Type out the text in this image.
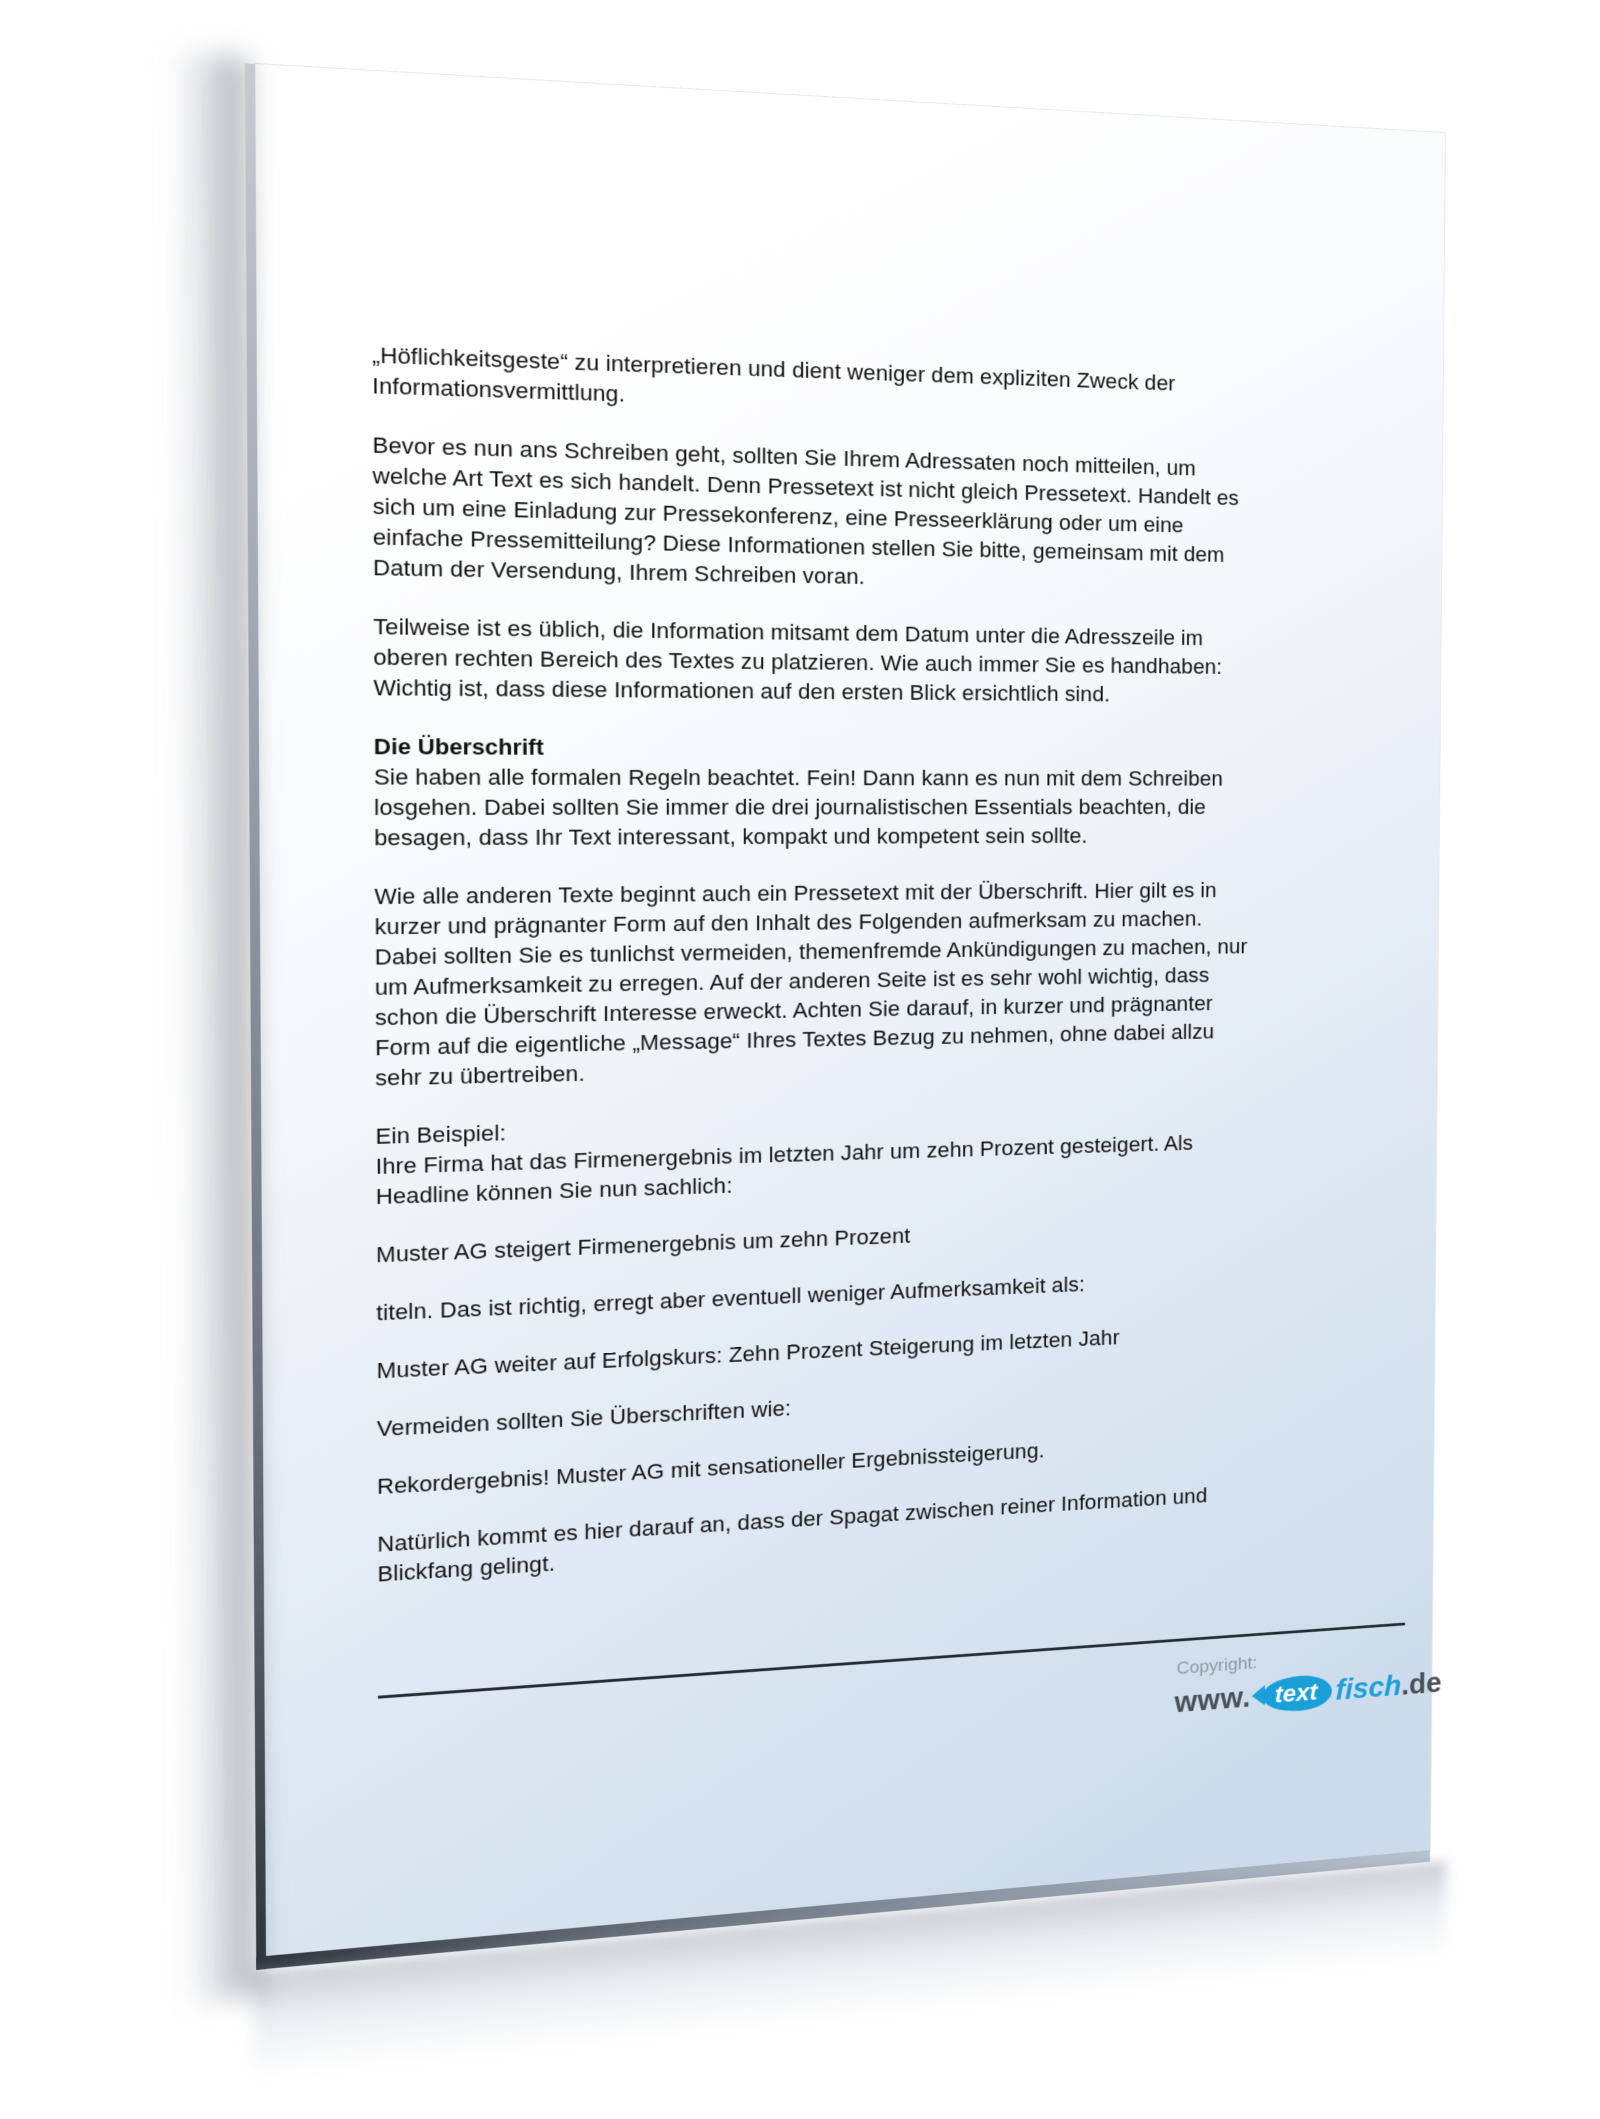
„Höflichkeitsgeste“ zu interpretieren und dient weniger dem expliziten Zweck der
Informationsvermittlung.
Bevor es nun ans Schreiben geht, sollten Sie Ihrem Adressaten noch mitteilen, um
welche Art Text es sich handelt. Denn Pressetext ist nicht gleich Pressetext. Handelt es
sich um eine Einladung zur Pressekonferenz, eine Presseerklärung oder um eine
einfache Pressemitteilung? Diese Informationen stellen Sie bitte, gemeinsam mit dem
Datum der Versendung, Ihrem Schreiben voran.
Teilweise ist es üblich, die Information mitsamt dem Datum unter die Adresszeile im
oberen rechten Bereich des Textes zu platzieren. Wie auch immer Sie es handhaben:
Wichtig ist, dass diese Informationen auf den ersten Blick ersichtlich sind.
Die Überschrift
Sie haben alle formalen Regeln beachtet. Fein! Dann kann es nun mit dem Schreiben
losgehen. Dabei sollten Sie immer die drei journalistischen Essentials beachten, die
besagen, dass Ihr Text interessant, kompakt und kompetent sein sollte.
Wie alle anderen Texte beginnt auch ein Pressetext mit der Überschrift. Hier gilt es in
kurzer und prägnanter Form auf den Inhalt des Folgenden aufmerksam zu machen.
Dabei sollten Sie es tunlichst vermeiden, themenfremde Ankündigungen zu machen, nur
um Aufmerksamkeit zu erregen. Auf der anderen Seite ist es sehr wohl wichtig, dass
schon die Überschrift Interesse erweckt. Achten Sie darauf, in kurzer und prägnanter
Form auf die eigentliche „Message“ Ihres Textes Bezug zu nehmen, ohne dabei allzu
sehr zu übertreiben.
Ein Beispiel:
Ihre Firma hat das Firmenergebnis im letzten Jahr um zehn Prozent gesteigert. Als
Headline können Sie nun sachlich:
Muster AG steigert Firmenergebnis um zehn Prozent
titeln. Das ist richtig, erregt aber eventuell weniger Aufmerksamkeit als:
Muster AG weiter auf Erfolgskurs: Zehn Prozent Steigerung im letzten Jahr
Vermeiden sollten Sie Überschriften wie:
Rekordergebnis! Muster AG mit sensationeller Ergebnissteigerung.
Natürlich kommt es hier darauf an, dass der Spagat zwischen reiner Information und
Blickfang gelingt.
Copyright:
www. text fisch .de
